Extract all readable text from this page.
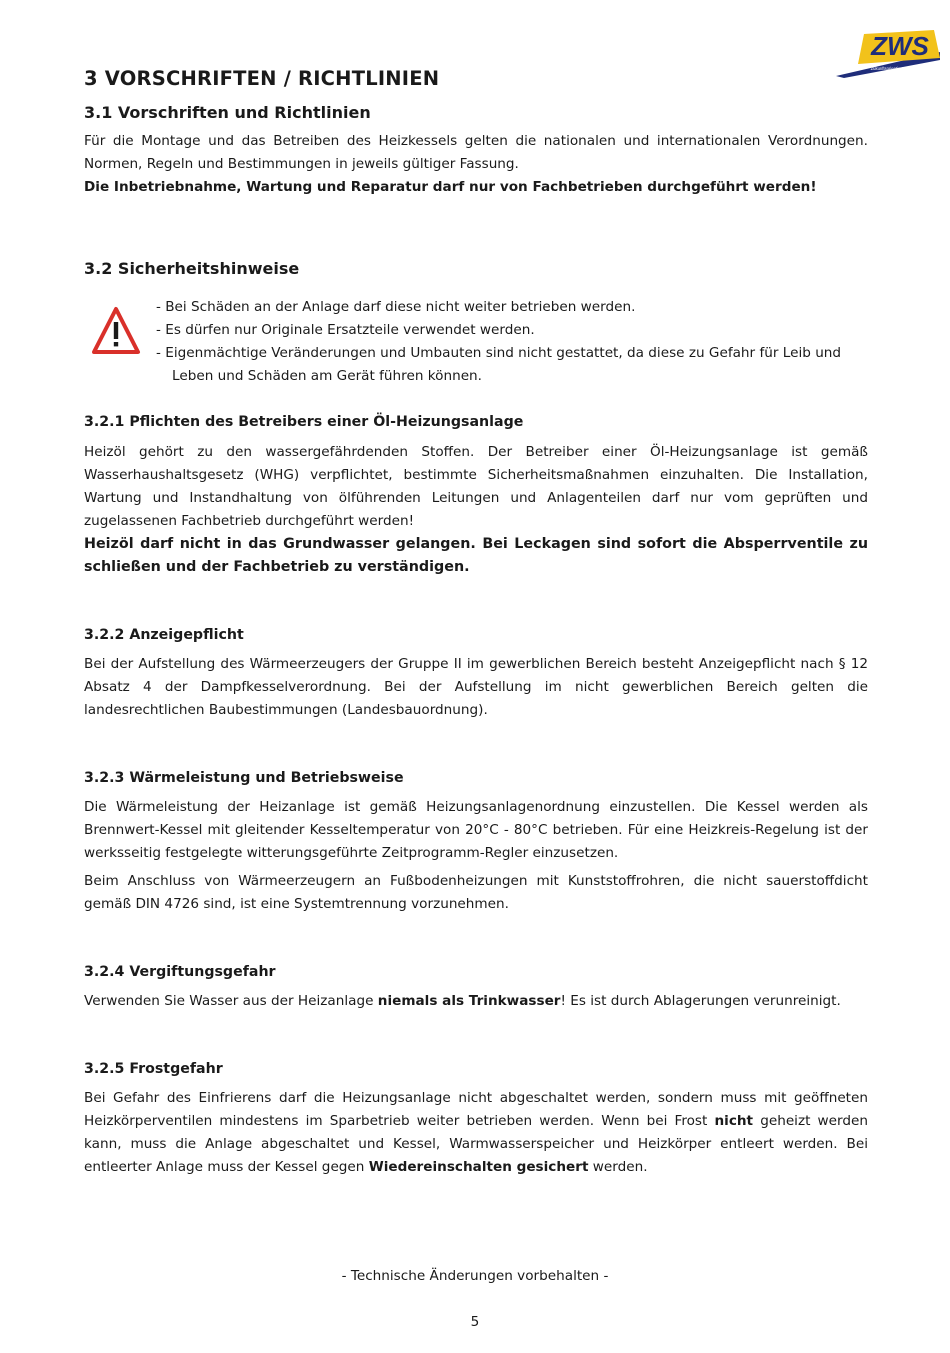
ZWS
Zukunftsorientierte Wärme Systeme
3 VORSCHRIFTEN / RICHTLINIEN
3.1 Vorschriften und Richtlinien

Für die Montage und das Betreiben des Heizkessels gelten die nationalen und internationalen Verordnungen. Normen, Regeln und Bestimmungen in jeweils gültiger Fassung.

Die Inbetriebnahme, Wartung und Reparatur darf nur von Fachbetrieben durchgeführt werden!

3.2 Sicherheitshinweise
- Bei Schäden an der Anlage darf diese nicht weiter betrieben werden.
- Es dürfen nur Originale Ersatzteile verwendet werden.
- Eigenmächtige Veränderungen und Umbauten sind nicht gestattet, da diese zu Gefahr für Leib und Leben und Schäden am Gerät führen können.
3.2.1 Pflichten des Betreibers einer Öl-Heizungsanlage

Heizöl gehört zu den wassergefährdenden Stoffen. Der Betreiber einer Öl-Heizungsanlage ist gemäß Wasserhaushaltsgesetz (WHG) verpflichtet, bestimmte Sicherheitsmaßnahmen einzuhalten. Die Installation, Wartung und Instandhaltung von ölführenden Leitungen und Anlagenteilen darf nur vom geprüften und zugelassenen Fachbetrieb durchgeführt werden!

Heizöl darf nicht in das Grundwasser gelangen. Bei Leckagen sind sofort die Absperrventile zu schließen und der Fachbetrieb zu verständigen.

3.2.2 Anzeigepflicht

Bei der Aufstellung des Wärmeerzeugers der Gruppe II im gewerblichen Bereich besteht Anzeigepflicht nach § 12 Absatz 4 der Dampfkesselverordnung. Bei der Aufstellung im nicht gewerblichen Bereich gelten die landesrechtlichen Baubestimmungen (Landesbauordnung).

3.2.3 Wärmeleistung und Betriebsweise

Die Wärmeleistung der Heizanlage ist gemäß Heizungsanlagenordnung einzustellen. Die Kessel werden als Brennwert-Kessel mit gleitender Kesseltemperatur von 20°C - 80°C betrieben. Für eine Heizkreis-Regelung ist der werksseitig festgelegte witterungsgeführte Zeitprogramm-Regler einzusetzen.

Beim Anschluss von Wärmeerzeugern an Fußbodenheizungen mit Kunststoffrohren, die nicht sauerstoffdicht gemäß DIN 4726 sind, ist eine Systemtrennung vorzunehmen.

3.2.4 Vergiftungsgefahr

Verwenden Sie Wasser aus der Heizanlage niemals als Trinkwasser! Es ist durch Ablagerungen verunreinigt.

3.2.5 Frostgefahr

Bei Gefahr des Einfrierens darf die Heizungsanlage nicht abgeschaltet werden, sondern muss mit geöffneten Heizkörperventilen mindestens im Sparbetrieb weiter betrieben werden. Wenn bei Frost nicht geheizt werden kann, muss die Anlage abgeschaltet und Kessel, Warmwasserspeicher und Heizkörper entleert werden. Bei entleerter Anlage muss der Kessel gegen Wiedereinschalten gesichert werden.

- Technische Änderungen vorbehalten -
5
